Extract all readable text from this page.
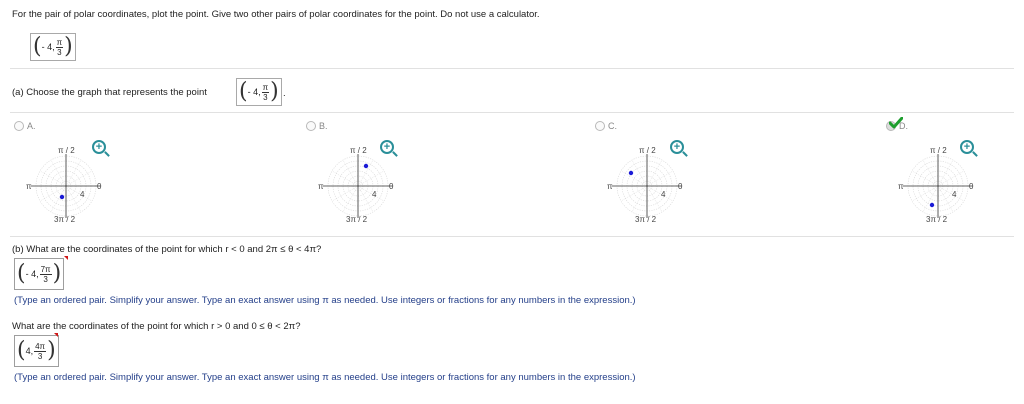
For the pair of polar coordinates, plot the point. Give two other pairs of polar coordinates for the point. Do not use a calculator.
( - 4, $\frac{\pi}{3}$ )
(a) Choose the graph that represents the point ( - 4, $\frac{\pi}{3}$ ) .
A.	B.	C.	D.
π / 2
π	0
3π / 2
4
+	π / 2
π	0
3π / 2
4
+	π / 2
π	0
3π / 2
4
+	π / 2
π	0
3π / 2
4
+
(b) What are the coordinates of the point for which r < 0 and 2π ≤ θ < 4π?
( - 4, $\frac{7\pi}{3}$ )
(Type an ordered pair. Simplify your answer. Type an exact answer using π as needed. Use integers or fractions for any numbers in the expression.)
What are the coordinates of the point for which r > 0 and 0 ≤ θ < 2π?
( 4, $\frac{4\pi}{3}$ )
(Type an ordered pair. Simplify your answer. Type an exact answer using π as needed. Use integers or fractions for any numbers in the expression.)
